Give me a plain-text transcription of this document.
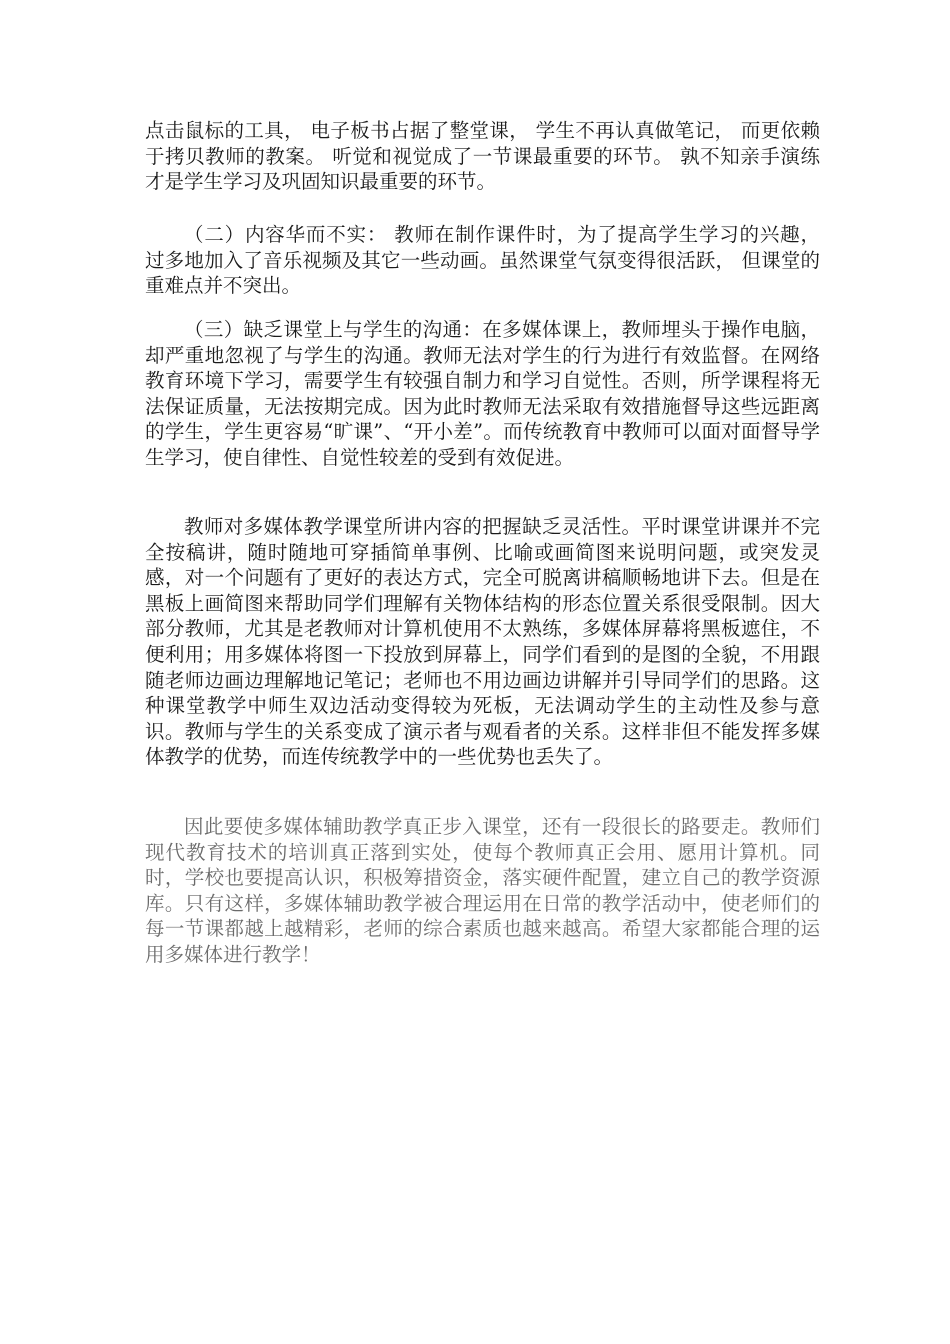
点击鼠标的工具， 电子板书占据了整堂课， 学生不再认真做笔记， 而更依赖于拷贝教师的教案。 听觉和视觉成了一节课最重要的环节。 孰不知亲手演练才是学生学习及巩固知识最重要的环节。

（二）内容华而不实： 教师在制作课件时，为了提高学生学习的兴趣， 过多地加入了音乐视频及其它一些动画。虽然课堂气氛变得很活跃， 但课堂的重难点并不突出。

（三）缺乏课堂上与学生的沟通：在多媒体课上，教师埋头于操作电脑，却严重地忽视了与学生的沟通。教师无法对学生的行为进行有效监督。在网络教育环境下学习，需要学生有较强自制力和学习自觉性。否则，所学课程将无法保证质量，无法按期完成。因为此时教师无法采取有效措施督导这些远距离的学生，学生更容易“旷课”、“开小差”。而传统教育中教师可以面对面督导学生学习，使自律性、自觉性较差的受到有效促进。

教师对多媒体教学课堂所讲内容的把握缺乏灵活性。平时课堂讲课并不完全按稿讲，随时随地可穿插简单事例、比喻或画简图来说明问题，或突发灵感，对一个问题有了更好的表达方式，完全可脱离讲稿顺畅地讲下去。但是在黑板上画简图来帮助同学们理解有关物体结构的形态位置关系很受限制。因大部分教师，尤其是老教师对计算机使用不太熟练，多媒体屏幕将黑板遮住，不便利用；用多媒体将图一下投放到屏幕上，同学们看到的是图的全貌，不用跟随老师边画边理解地记笔记；老师也不用边画边讲解并引导同学们的思路。这种课堂教学中师生双边活动变得较为死板，无法调动学生的主动性及参与意识。教师与学生的关系变成了演示者与观看者的关系。这样非但不能发挥多媒体教学的优势，而连传统教学中的一些优势也丢失了。

因此要使多媒体辅助教学真正步入课堂，还有一段很长的路要走。教师们现代教育技术的培训真正落到实处，使每个教师真正会用、愿用计算机。同时，学校也要提高认识，积极筹措资金，落实硬件配置，建立自己的教学资源库。只有这样，多媒体辅助教学被合理运用在日常的教学活动中，使老师们的每一节课都越上越精彩，老师的综合素质也越来越高。希望大家都能合理的运用多媒体进行教学！
